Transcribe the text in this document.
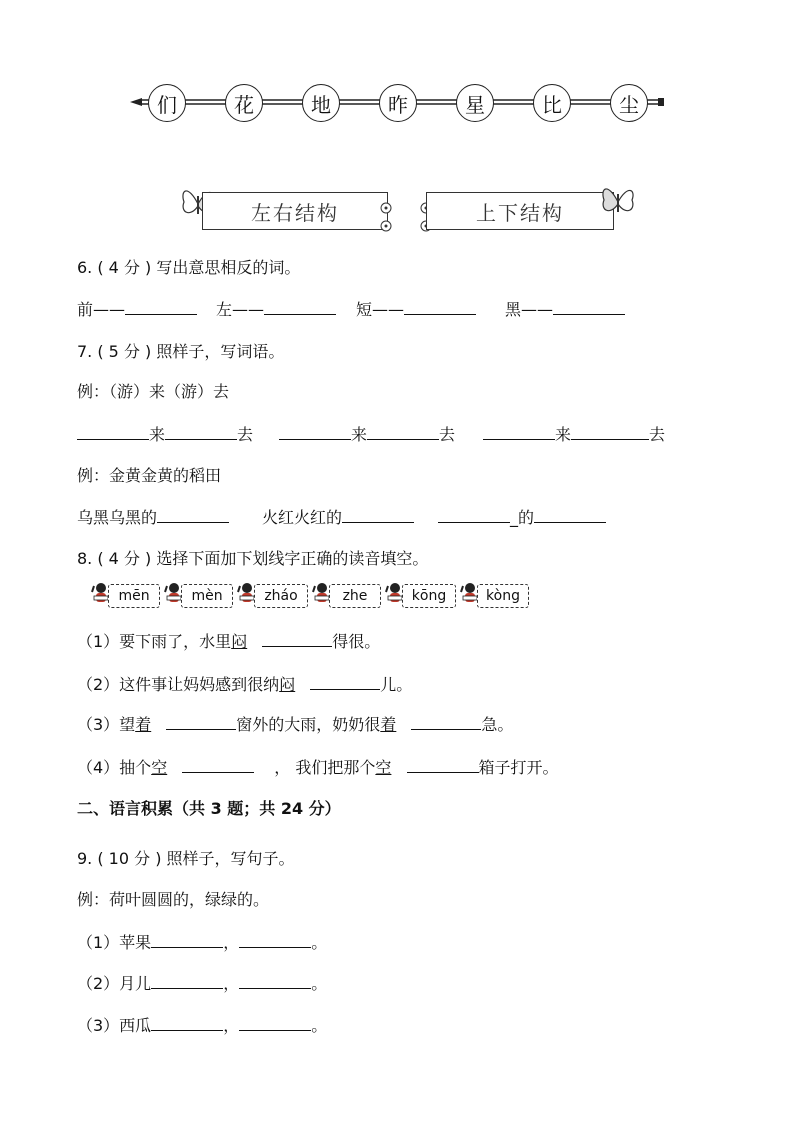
们	花	地	昨	星	比	尘
左右结构	上下结构
6. ( 4 分 ) 写出意思相反的词。
前——	左——	短——	黑——
7. ( 5 分 ) 照样子，写词语。
例：（游）来（游）去
来	去	来	去	来	去
例：金黄金黄的稻田
乌黑乌黑的	火红火红的	_的
8. ( 4 分 ) 选择下面加下划线字正确的读音填空。
mēn	mèn	zháo	zhe	kōng	kòng
（1）要下雨了，水里闷	得很。
（2）这件事让妈妈感到很纳闷	儿。
（3）望着	窗外的大雨，奶奶很着	急。
（4）抽个空	， 我们把那个空	箱子打开。
二、语言积累（共 3 题；共 24 分）
9. ( 10 分 ) 照样子，写句子。
例：荷叶圆圆的，绿绿的。
（1）苹果	，	。
（2）月儿	，	。
（3）西瓜	，	。
